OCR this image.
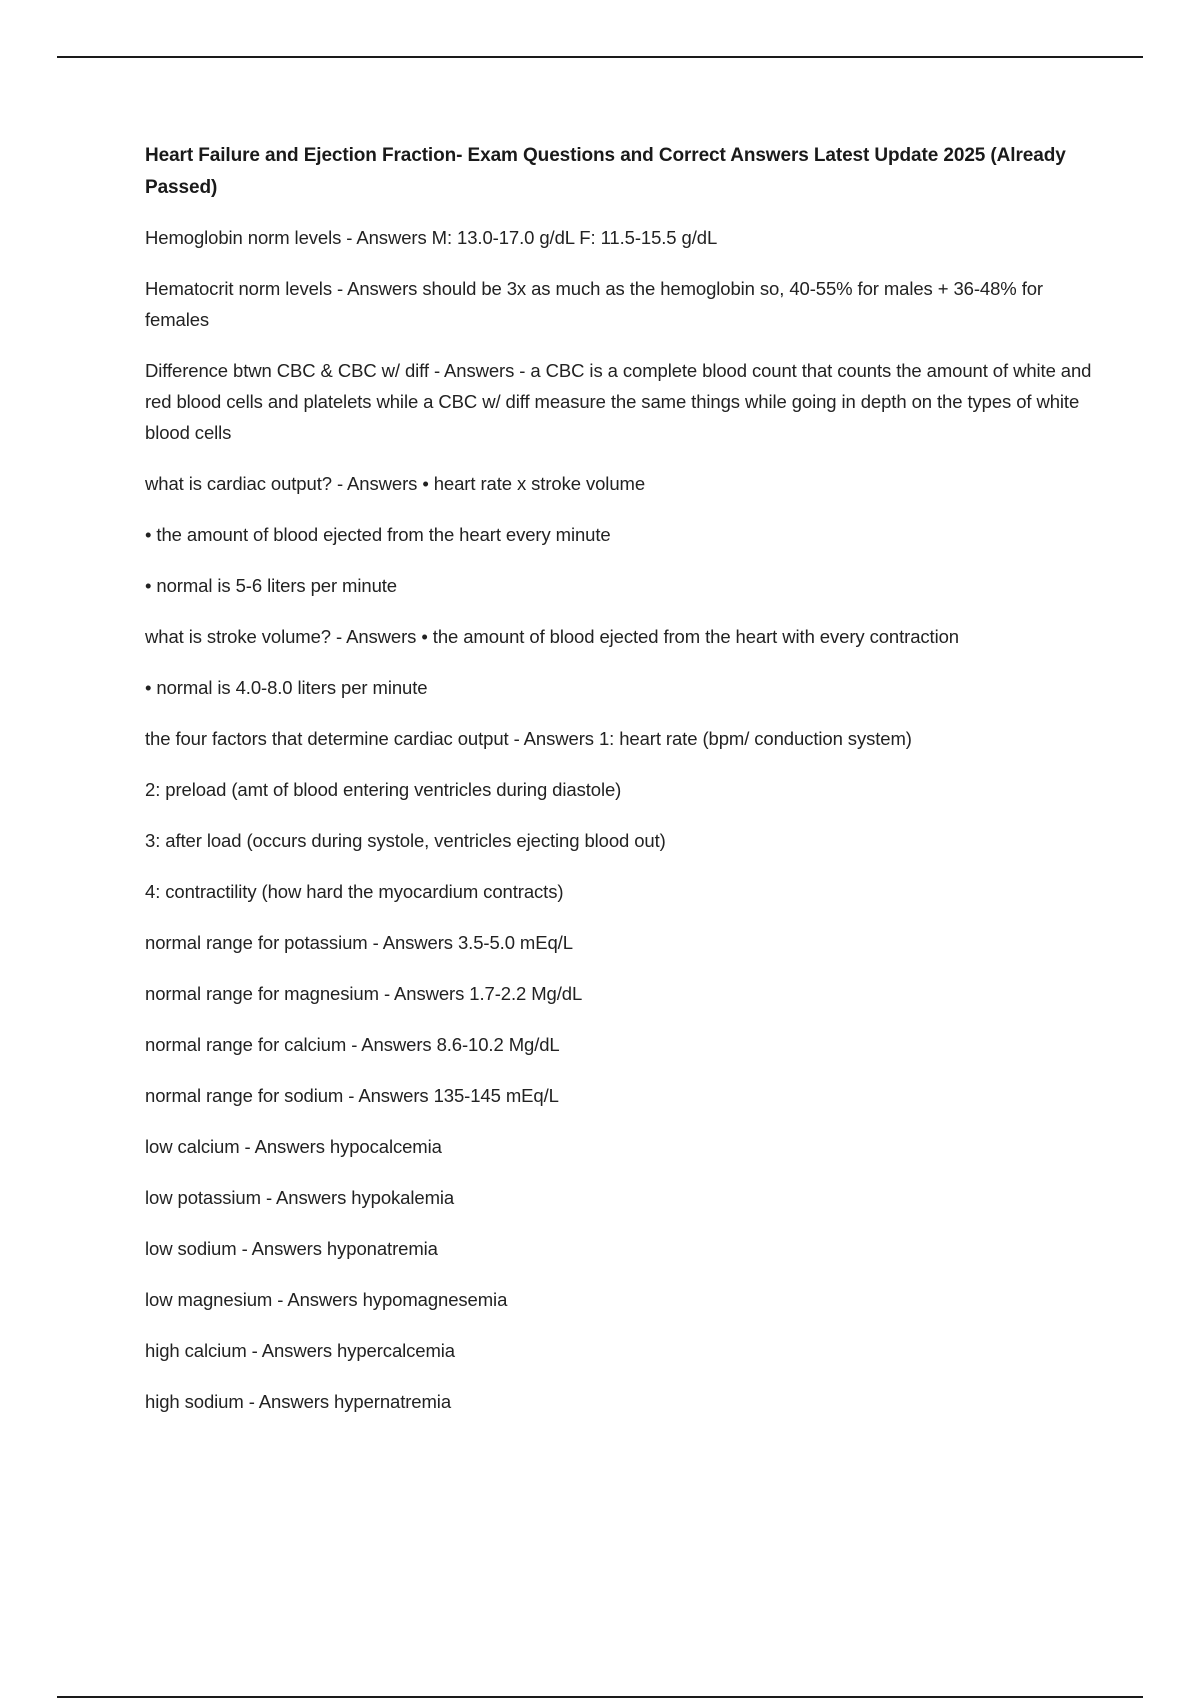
Heart Failure and Ejection Fraction- Exam Questions and Correct Answers Latest Update 2025 (Already Passed)
Hemoglobin norm levels - Answers M: 13.0-17.0 g/dL F: 11.5-15.5 g/dL
Hematocrit norm levels - Answers should be 3x as much as the hemoglobin so, 40-55% for males + 36-48% for females
Difference btwn CBC & CBC w/ diff - Answers - a CBC is a complete blood count that counts the amount of white and red blood cells and platelets while a CBC w/ diff measure the same things while going in depth on the types of white blood cells
what is cardiac output? - Answers • heart rate x stroke volume
• the amount of blood ejected from the heart every minute
• normal is 5-6 liters per minute
what is stroke volume? - Answers • the amount of blood ejected from the heart with every contraction
• normal is 4.0-8.0 liters per minute
the four factors that determine cardiac output - Answers 1: heart rate (bpm/ conduction system)
2: preload (amt of blood entering ventricles during diastole)
3: after load (occurs during systole, ventricles ejecting blood out)
4: contractility (how hard the myocardium contracts)
normal range for potassium - Answers 3.5-5.0 mEq/L
normal range for magnesium - Answers 1.7-2.2 Mg/dL
normal range for calcium - Answers 8.6-10.2 Mg/dL
normal range for sodium - Answers 135-145 mEq/L
low calcium - Answers hypocalcemia
low potassium - Answers hypokalemia
low sodium - Answers hyponatremia
low magnesium - Answers hypomagnesemia
high calcium - Answers hypercalcemia
high sodium - Answers hypernatremia
